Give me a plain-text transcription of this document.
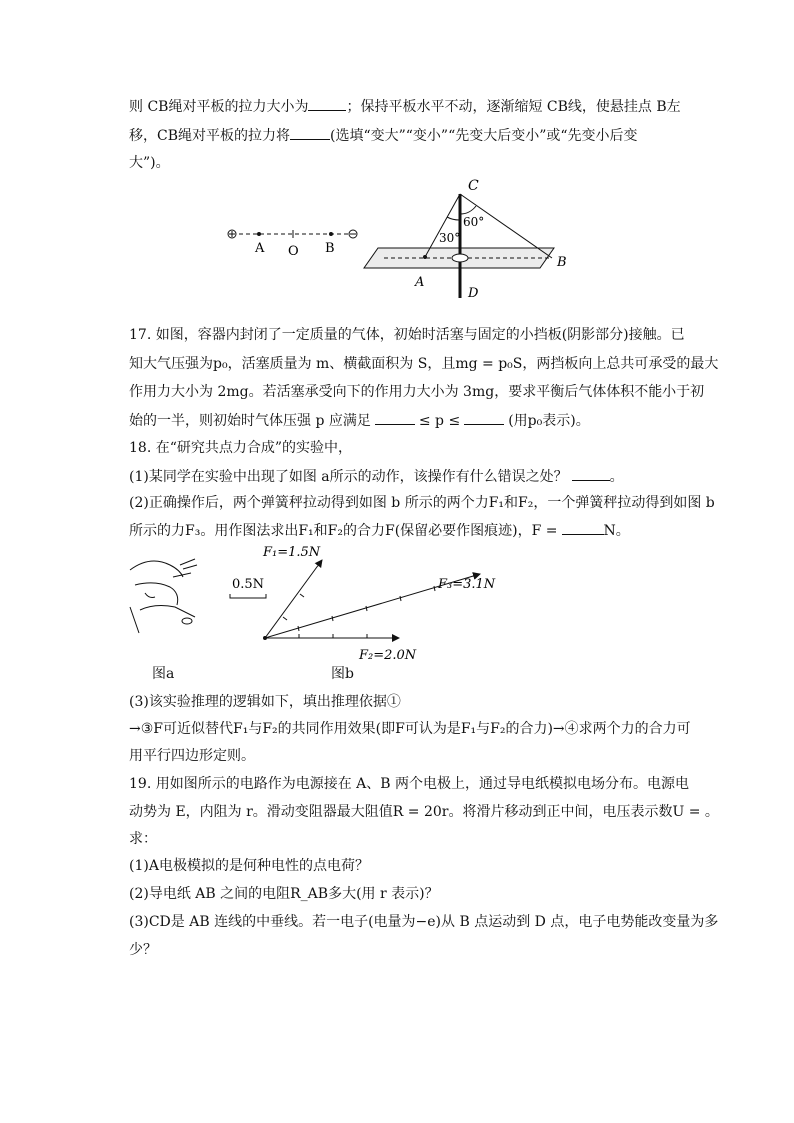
则 CB绳对平板的拉力大小为	；保持平板水平不动，逐渐缩短 CB线，使悬挂点 B左
移，CB绳对平板的拉力将	(选填“变大”“变小”“先变大后变小”或“先变小后变
大”)。
A O B
C
60°
30°
A
B
D
17. 如图，容器内封闭了一定质量的气体，初始时活塞与固定的小挡板(阴影部分)接触。已
知大气压强为p₀，活塞质量为 m、横截面积为 S，且mg = p₀S，两挡板向上总共可承受的最大
作用力大小为 2mg。若活塞承受向下的作用力大小为 3mg，要求平衡后气体体积不能小于初
始的一半，则初始时气体压强 p 应满足	≤ p ≤	(用p₀表示)。
18. 在“研究共点力合成”的实验中，
(1)某同学在实验中出现了如图 a所示的动作，该操作有什么错误之处？	。
(2)正确操作后，两个弹簧秤拉动得到如图 b 所示的两个力F₁和F₂，一个弹簧秤拉动得到如图 b
所示的力F₃。用作图法求出F₁和F₂的合力F(保留必要作图痕迹)，F =	N。
图a
0.5N
F₁=1.5N
F₂=2.0N
F₃=3.1N
图b
(3)该实验推理的逻辑如下，填出推理依据①
→③F可近似替代F₁与F₂的共同作用效果(即F可认为是F₁与F₂的合力)→④求两个力的合力可
用平行四边形定则。
19. 用如图所示的电路作为电源接在 A、B 两个电极上，通过导电纸模拟电场分布。电源电
动势为 E，内阻为 r。滑动变阻器最大阻值R = 20r。将滑片移动到正中间，电压表示数U = 。
求：
(1)A电极模拟的是何种电性的点电荷？
(2)导电纸 AB 之间的电阻R_AB多大(用 r 表示)？
(3)CD是 AB 连线的中垂线。若一电子(电量为−e)从 B 点运动到 D 点，电子电势能改变量为多
少？
